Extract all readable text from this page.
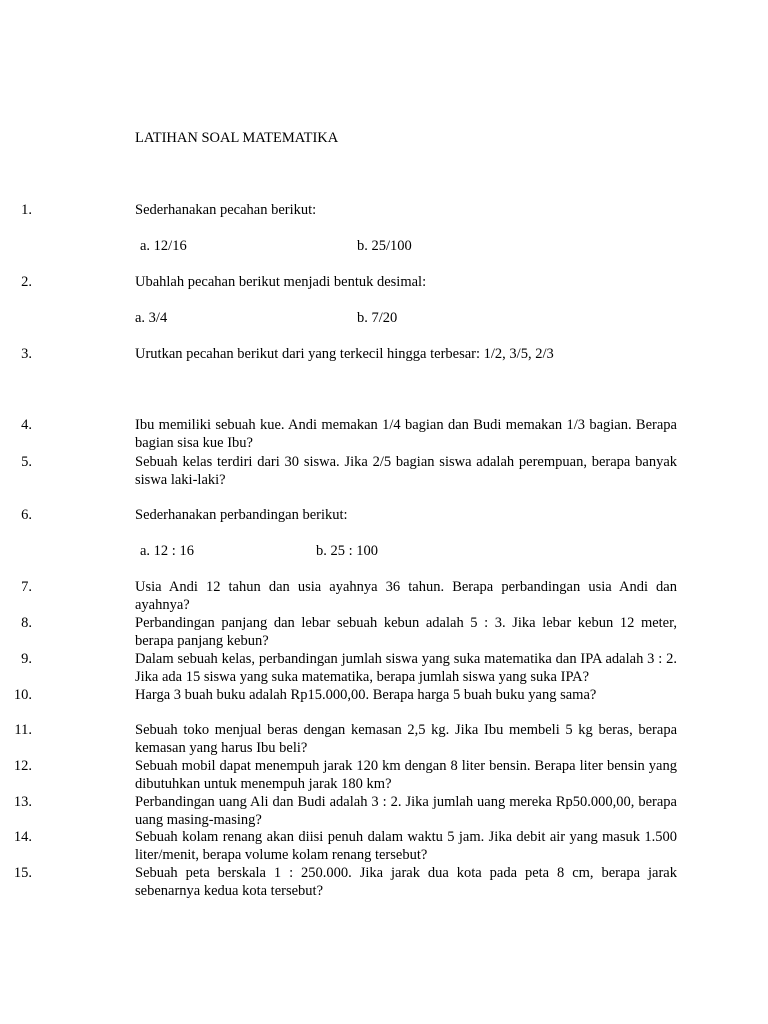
LATIHAN SOAL MATEMATIKA
1.	Sederhanakan pecahan berikut:
a. 12/16	b. 25/100
2.	Ubahlah pecahan berikut menjadi bentuk desimal:
a. 3/4	b. 7/20
3.	Urutkan pecahan berikut dari yang terkecil hingga terbesar: 1/2, 3/5, 2/3
4.	Ibu memiliki sebuah kue. Andi memakan 1/4 bagian dan Budi memakan 1/3 bagian. Berapa bagian sisa kue Ibu?
5.	Sebuah kelas terdiri dari 30 siswa. Jika 2/5 bagian siswa adalah perempuan, berapa banyak siswa laki-laki?
6.	Sederhanakan perbandingan berikut:
a. 12 : 16	b. 25 : 100
7.	Usia Andi 12 tahun dan usia ayahnya 36 tahun. Berapa perbandingan usia Andi dan ayahnya?
8.	Perbandingan panjang dan lebar sebuah kebun adalah 5 : 3. Jika lebar kebun 12 meter, berapa panjang kebun?
9.	Dalam sebuah kelas, perbandingan jumlah siswa yang suka matematika dan IPA adalah 3 : 2. Jika ada 15 siswa yang suka matematika, berapa jumlah siswa yang suka IPA?
10.	Harga 3 buah buku adalah Rp15.000,00. Berapa harga 5 buah buku yang sama?
11.	Sebuah toko menjual beras dengan kemasan 2,5 kg. Jika Ibu membeli 5 kg beras, berapa kemasan yang harus Ibu beli?
12.	Sebuah mobil dapat menempuh jarak 120 km dengan 8 liter bensin. Berapa liter bensin yang dibutuhkan untuk menempuh jarak 180 km?
13.	Perbandingan uang Ali dan Budi adalah 3 : 2. Jika jumlah uang mereka Rp50.000,00, berapa uang masing-masing?
14.	Sebuah kolam renang akan diisi penuh dalam waktu 5 jam. Jika debit air yang masuk 1.500 liter/menit, berapa volume kolam renang tersebut?
15.	Sebuah peta berskala 1 : 250.000. Jika jarak dua kota pada peta 8 cm, berapa jarak sebenarnya kedua kota tersebut?
